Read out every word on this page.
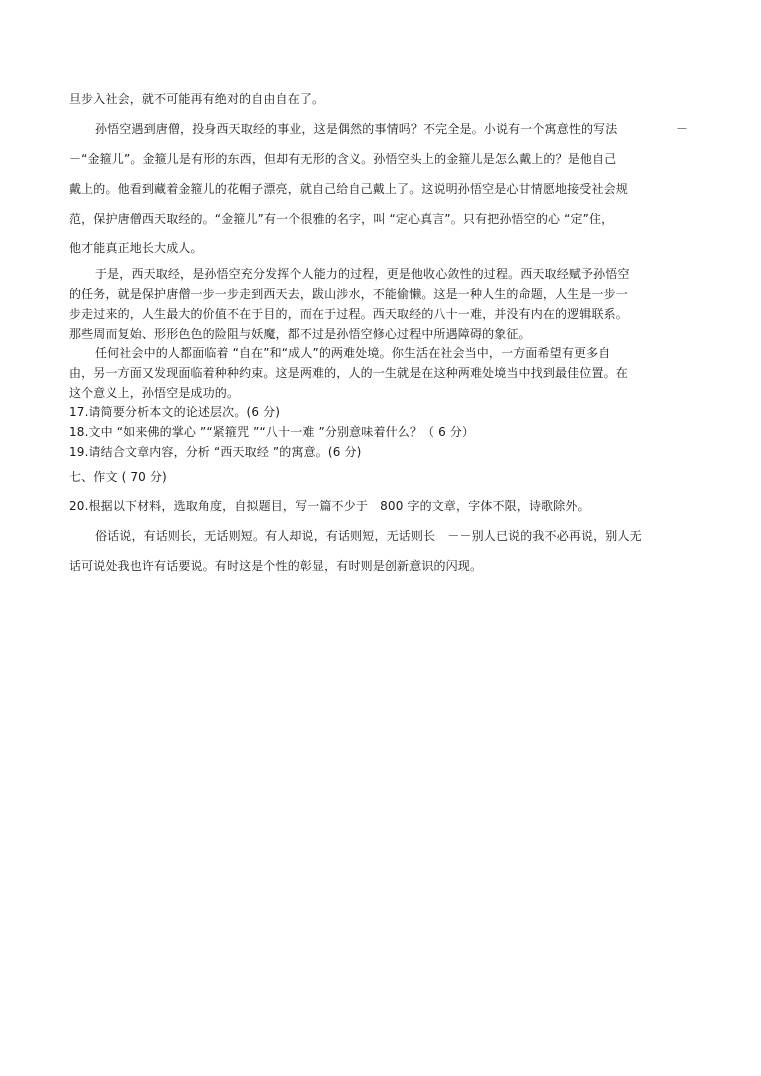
旦步入社会，就不可能再有绝对的自由自在了。

孙悟空遇到唐僧，投身西天取经的事业，这是偶然的事情吗？不完全是。小说有一个寓意性的写法	－

－“金箍儿”。金箍儿是有形的东西，但却有无形的含义。孙悟空头上的金箍儿是怎么戴上的？是他自己

戴上的。他看到藏着金箍儿的花帽子漂亮，就自己给自己戴上了。这说明孙悟空是心甘情愿地接受社会规

范，保护唐僧西天取经的。“金箍儿”有一个很雅的名字，叫 “定心真言”。只有把孙悟空的心 “定”住，

他才能真正地长大成人。

于是，西天取经，是孙悟空充分发挥个人能力的过程，更是他收心敛性的过程。西天取经赋予孙悟空

的任务，就是保护唐僧一步一步走到西天去，跋山涉水，不能偷懒。这是一种人生的命题，人生是一步一

步走过来的，人生最大的价值不在于目的，而在于过程。西天取经的八十一难，并没有内在的逻辑联系。

那些周而复始、形形色色的险阻与妖魔，都不过是孙悟空修心过程中所遇障碍的象征。

任何社会中的人都面临着 “自在”和“成人”的两难处境。你生活在社会当中，一方面希望有更多自

由，另一方面又发现面临着种种约束。这是两难的，人的一生就是在这种两难处境当中找到最佳位置。在

这个意义上，孙悟空是成功的。

17.请简要分析本文的论述层次。(6 分)

18.文中 “如来佛的掌心 ”“紧箍咒 ”“八十一难 ”分别意味着什么？（ 6 分）

19.请结合文章内容，分析 “西天取经 ”的寓意。(6 分)

七、作文 ( 70 分)

20.根据以下材料，选取角度，自拟题目，写一篇不少于　800 字的文章，字体不限，诗歌除外。

俗话说，有话则长，无话则短。有人却说，有话则短，无话则长　－－别人已说的我不必再说，别人无

话可说处我也许有话要说。有时这是个性的彰显，有时则是创新意识的闪现。
